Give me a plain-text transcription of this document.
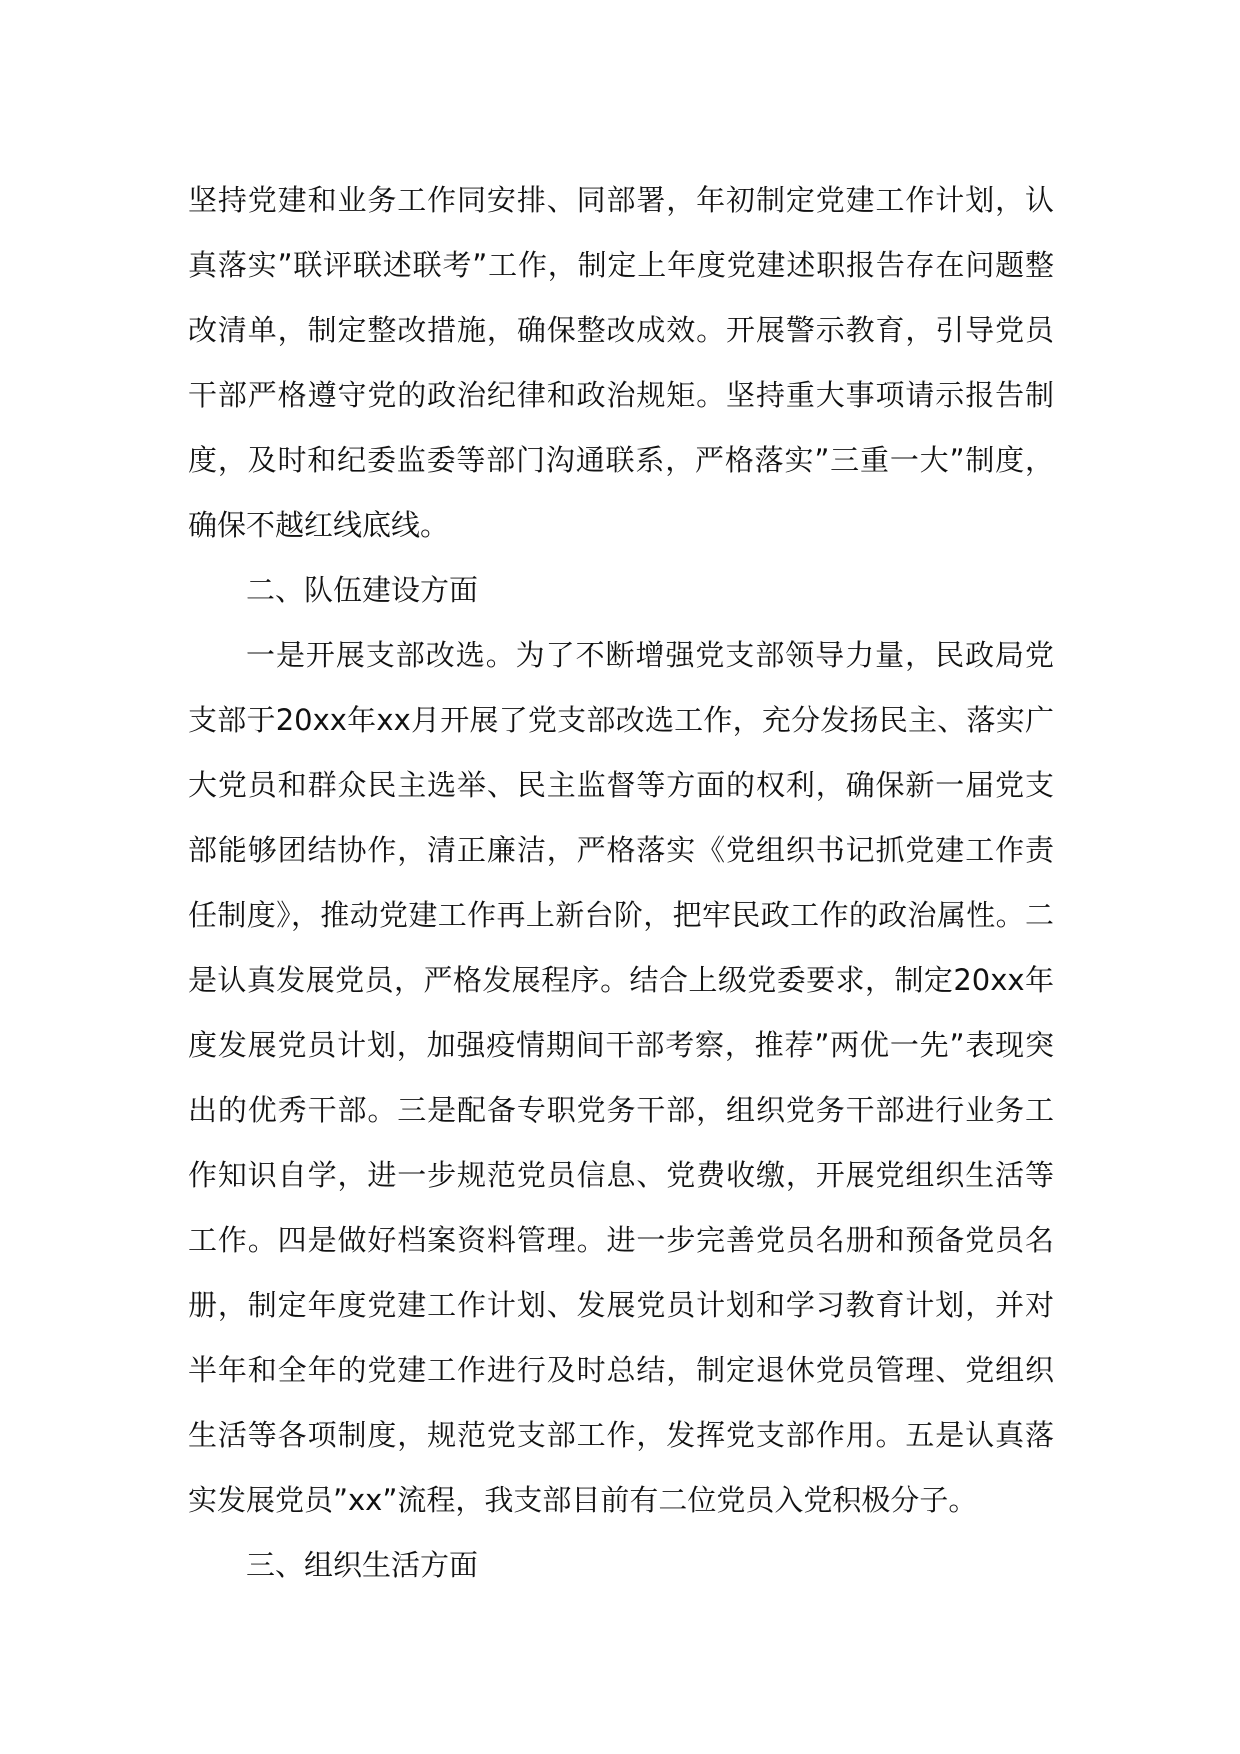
坚持党建和业务工作同安排、同部署，年初制定党建工作计划，认真落实”联评联述联考”工作，制定上年度党建述职报告存在问题整改清单，制定整改措施，确保整改成效。开展警示教育，引导党员干部严格遵守党的政治纪律和政治规矩。坚持重大事项请示报告制度，及时和纪委监委等部门沟通联系，严格落实”三重一大”制度，确保不越红线底线。

二、队伍建设方面

一是开展支部改选。为了不断增强党支部领导力量，民政局党支部于20xx年xx月开展了党支部改选工作，充分发扬民主、落实广大党员和群众民主选举、民主监督等方面的权利，确保新一届党支部能够团结协作，清正廉洁，严格落实《党组织书记抓党建工作责任制度》，推动党建工作再上新台阶，把牢民政工作的政治属性。二是认真发展党员，严格发展程序。结合上级党委要求，制定20xx年度发展党员计划，加强疫情期间干部考察，推荐”两优一先”表现突出的优秀干部。三是配备专职党务干部，组织党务干部进行业务工作知识自学，进一步规范党员信息、党费收缴，开展党组织生活等工作。四是做好档案资料管理。进一步完善党员名册和预备党员名册，制定年度党建工作计划、发展党员计划和学习教育计划，并对半年和全年的党建工作进行及时总结，制定退休党员管理、党组织生活等各项制度，规范党支部工作，发挥党支部作用。五是认真落实发展党员”xx”流程，我支部目前有二位党员入党积极分子。

三、组织生活方面
